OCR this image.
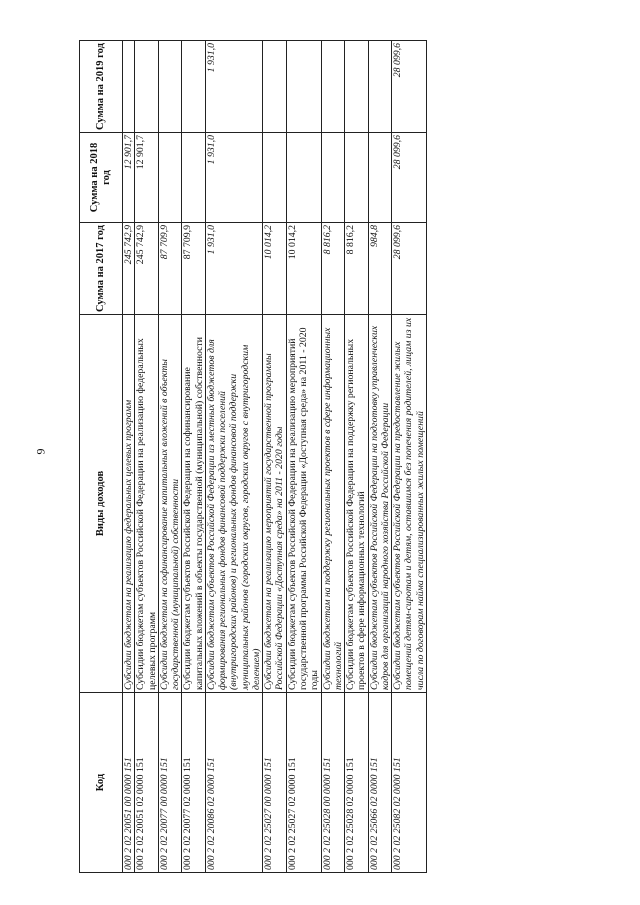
9
Код	Виды доходов	Сумма на 2017 год	Сумма на 2018 год	Сумма на 2019 год
000 2 02 20051 00 0000 151	Субсидии бюджетам на реализацию федеральных целевых программ	245 742,9	12 901,7	
000 2 02 20051 02 0000 151	Субсидии бюджетам субъектов Российской Федерации на реализацию федеральных целевых программ	245 742,9	12 901,7	
000 2 02 20077 00 0000 151	Субсидии бюджетам на софинансирование капитальных вложений в объекты государственной (муниципальной) собственности	87 709,9		
000 2 02 20077 02 0000 151	Субсидии бюджетам субъектов Российской Федерации на софинансирование капитальных вложений в объекты государственной (муниципальной) собственности	87 709,9		
000 2 02 20086 02 0000 151	Субсидии бюджетам субъектов Российской Федерации из местных бюджетов для формирования региональных фондов финансовой поддержки поселений (внутригородских районов) и региональных фондов финансовой поддержки муниципальных районов (городских округов, городских округов с внутригородским делением)	1 931,0	1 931,0	1 931,0
000 2 02 25027 00 0000 151	Субсидии бюджетам на реализацию мероприятий государственной программы Российской Федерации «Доступная среда» на 2011 - 2020 годы	10 014,2		
000 2 02 25027 02 0000 151	Субсидии бюджетам субъектов Российской Федерации на реализацию мероприятий государственной программы Российской Федерации «Доступная среда» на 2011 - 2020 годы	10 014,2		
000 2 02 25028 00 0000 151	Субсидии бюджетам на поддержку региональных проектов в сфере информационных технологий	8 816,2		
000 2 02 25028 02 0000 151	Субсидии бюджетам субъектов Российской Федерации на поддержку региональных проектов в сфере информационных технологий	8 816,2		
000 2 02 25066 02 0000 151	Субсидии бюджетам субъектов Российской Федерации на подготовку управленческих кадров для организаций народного хозяйства Российской Федерации	984,8		
000 2 02 25082 02 0000 151	Субсидии бюджетам субъектов Российской Федерации на предоставление жилых помещений детям-сиротам и детям, оставшимся без попечения родителей, лицам из их числа по договорам найма специализированных жилых помещений	28 099,6	28 099,6	28 099,6
